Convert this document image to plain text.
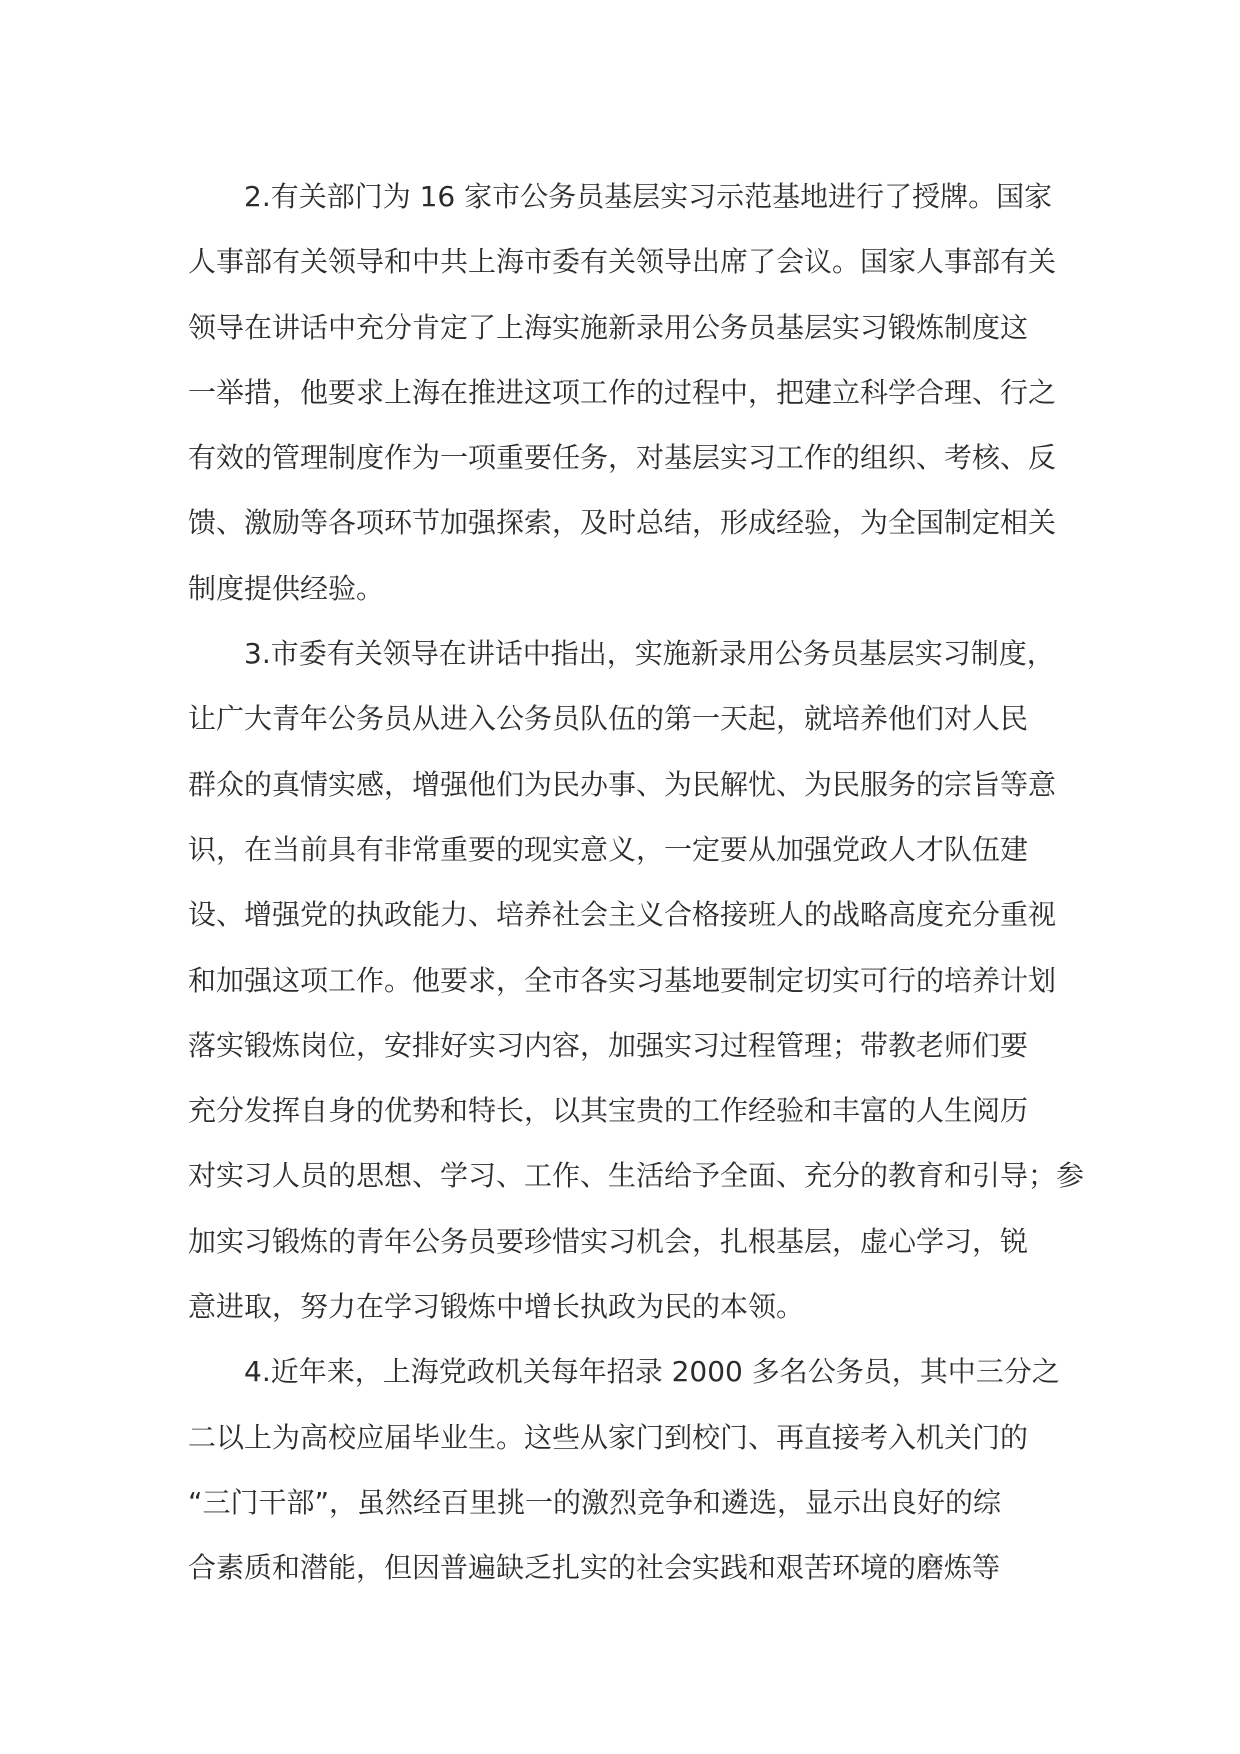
2.有关部门为 16 家市公务员基层实习示范基地进行了授牌。国家
人事部有关领导和中共上海市委有关领导出席了会议。国家人事部有关
领导在讲话中充分肯定了上海实施新录用公务员基层实习锻炼制度这
一举措，他要求上海在推进这项工作的过程中，把建立科学合理、行之
有效的管理制度作为一项重要任务，对基层实习工作的组织、考核、反
馈、激励等各项环节加强探索，及时总结，形成经验，为全国制定相关
制度提供经验。
3.市委有关领导在讲话中指出，实施新录用公务员基层实习制度，
让广大青年公务员从进入公务员队伍的第一天起，就培养他们对人民
群众的真情实感，增强他们为民办事、为民解忧、为民服务的宗旨等意
识，在当前具有非常重要的现实意义，一定要从加强党政人才队伍建
设、增强党的执政能力、培养社会主义合格接班人的战略高度充分重视
和加强这项工作。他要求，全市各实习基地要制定切实可行的培养计划
落实锻炼岗位，安排好实习内容，加强实习过程管理；带教老师们要
充分发挥自身的优势和特长，以其宝贵的工作经验和丰富的人生阅历
对实习人员的思想、学习、工作、生活给予全面、充分的教育和引导；参
加实习锻炼的青年公务员要珍惜实习机会，扎根基层，虚心学习，锐
意进取，努力在学习锻炼中增长执政为民的本领。
4.近年来，上海党政机关每年招录 2000 多名公务员，其中三分之
二以上为高校应届毕业生。这些从家门到校门、再直接考入机关门的
“三门干部”，虽然经百里挑一的激烈竞争和遴选，显示出良好的综
合素质和潜能，但因普遍缺乏扎实的社会实践和艰苦环境的磨炼等
